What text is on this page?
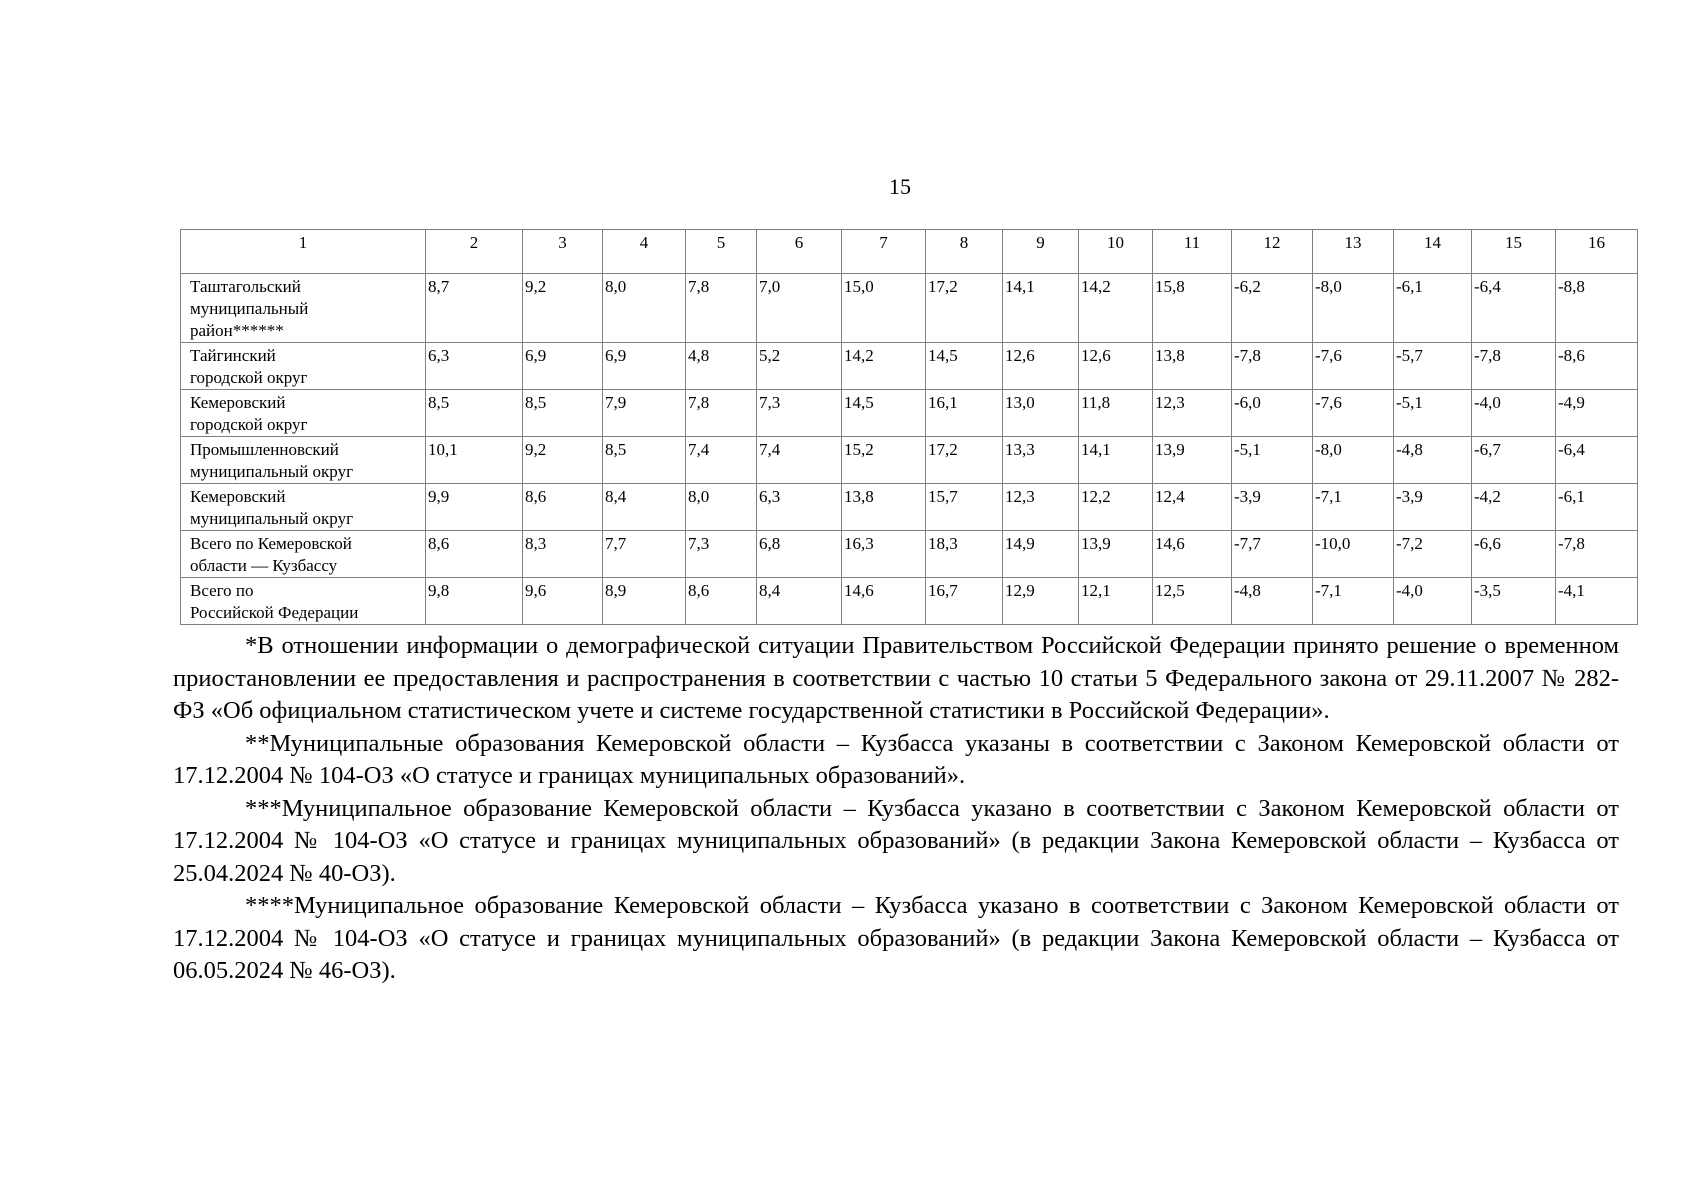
15
1	2	3	4	5	6	7	8	9	10	11	12	13	14	15	16

Таштагольский
муниципальный
район******	8,7	9,2	8,0	7,8	7,0	15,0	17,2	14,1	14,2	15,8	-6,2	-8,0	-6,1	-6,4	-8,8

Тайгинский
городской округ	6,3	6,9	6,9	4,8	5,2	14,2	14,5	12,6	12,6	13,8	-7,8	-7,6	-5,7	-7,8	-8,6

Кемеровский
городской округ	8,5	8,5	7,9	7,8	7,3	14,5	16,1	13,0	11,8	12,3	-6,0	-7,6	-5,1	-4,0	-4,9

Промышленновский
муниципальный округ	10,1	9,2	8,5	7,4	7,4	15,2	17,2	13,3	14,1	13,9	-5,1	-8,0	-4,8	-6,7	-6,4

Кемеровский
муниципальный округ	9,9	8,6	8,4	8,0	6,3	13,8	15,7	12,3	12,2	12,4	-3,9	-7,1	-3,9	-4,2	-6,1

Всего по Кемеровской
области — Кузбассу	8,6	8,3	7,7	7,3	6,8	16,3	18,3	14,9	13,9	14,6	-7,7	-10,0	-7,2	-6,6	-7,8

Всего по
Российской Федерации	9,8	9,6	8,9	8,6	8,4	14,6	16,7	12,9	12,1	12,5	-4,8	-7,1	-4,0	-3,5	-4,1

*В отношении информации о демографической ситуации Правительством Российской Федерации принято решение о временном приостановлении ее предоставления и распространения в соответствии с частью 10 статьи 5 Федерального закона от 29.11.2007 № 282-ФЗ «Об официальном статистическом учете и системе государственной статистики в Российской Федерации».

**Муниципальные образования Кемеровской области – Кузбасса указаны в соответствии с Законом Кемеровской области от 17.12.2004 № 104-ОЗ «О статусе и границах муниципальных образований».

***Муниципальное образование Кемеровской области – Кузбасса указано в соответствии с Законом Кемеровской области от 17.12.2004 № 104-ОЗ «О статусе и границах муниципальных образований» (в редакции Закона Кемеровской области – Кузбасса от 25.04.2024 № 40-ОЗ).

****Муниципальное образование Кемеровской области – Кузбасса указано в соответствии с Законом Кемеровской области от 17.12.2004 № 104-ОЗ «О статусе и границах муниципальных образований» (в редакции Закона Кемеровской области – Кузбасса от 06.05.2024 № 46-ОЗ).
